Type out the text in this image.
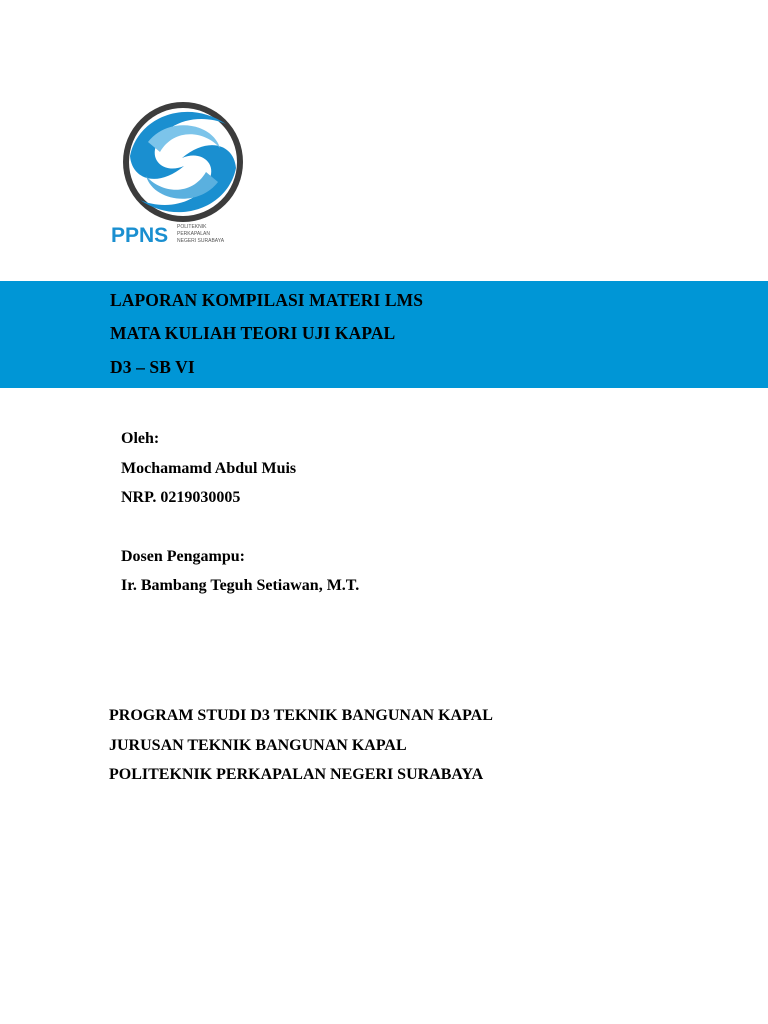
PPNS POLITEKNIK
PERKAPALAN
NEGERI SURABAYA
LAPORAN KOMPILASI MATERI LMS
MATA KULIAH TEORI UJI KAPAL
D3 – SB VI
Oleh:
Mochamamd Abdul Muis
NRP. 0219030005
Dosen Pengampu:
Ir. Bambang Teguh Setiawan, M.T.
PROGRAM STUDI D3 TEKNIK BANGUNAN KAPAL
JURUSAN TEKNIK BANGUNAN KAPAL
POLITEKNIK PERKAPALAN NEGERI SURABAYA
